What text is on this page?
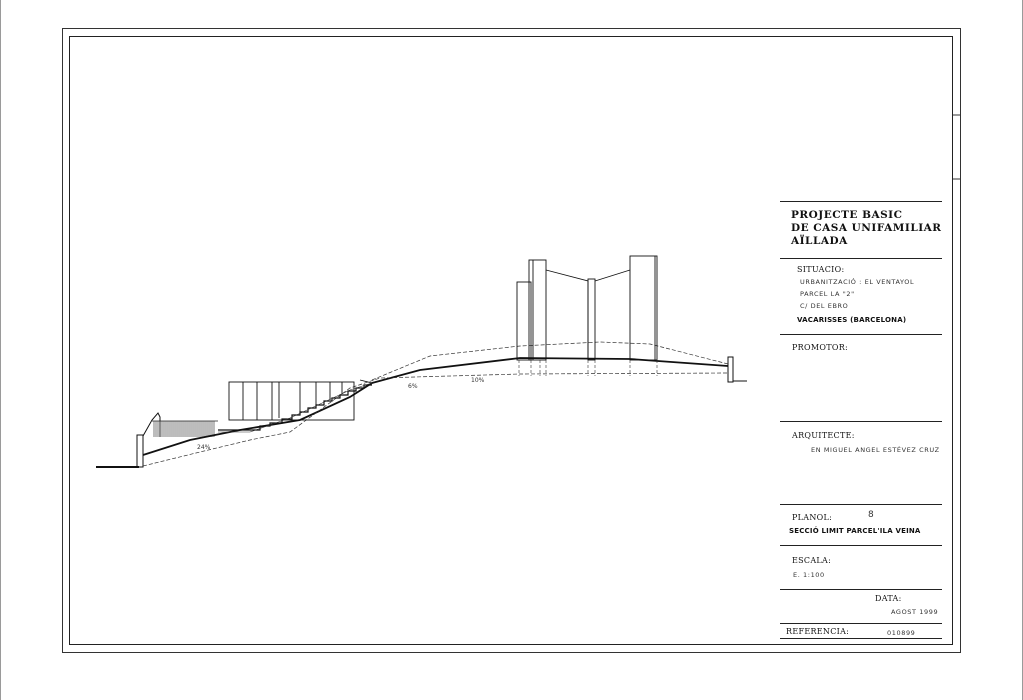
24%
6%
10%
PROJECTE BASIC
DE CASA UNIFAMILIAR
AÏLLADA
SITUACIO:
URBANITZACIÓ : EL VENTAYOL
PARCEL LA "2"
C/ DEL EBRO
VACARISSES (BARCELONA)
PROMOTOR:
ARQUITECTE:
EN MIGUEL ANGEL ESTÉVEZ CRUZ
PLANOL:	8
SECCIÓ LIMIT PARCEL'ILA VEINA
ESCALA:
E. 1:100
DATA:
AGOST 1999
REFERENCIA:	010899
